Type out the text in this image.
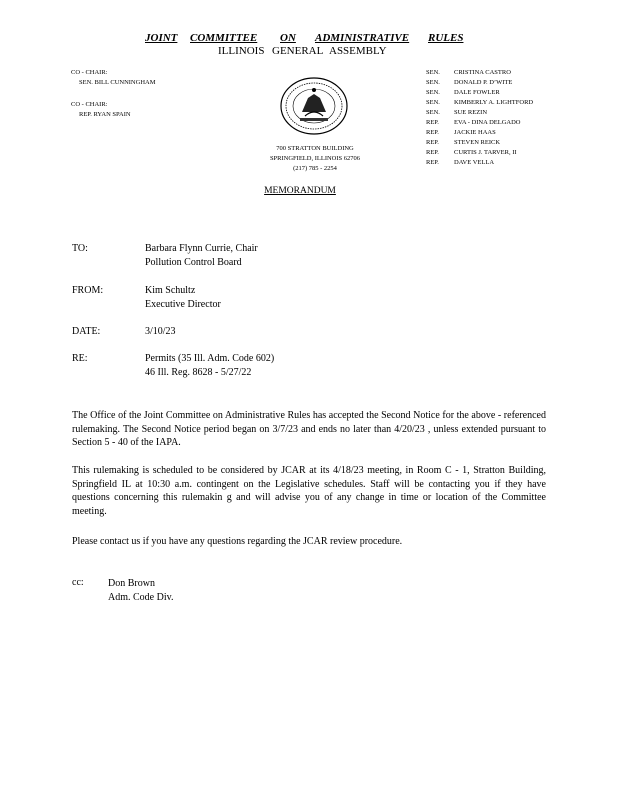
JOINT COMMITTEE ON ADMINISTRATIVE RULES
ILLINOIS GENERAL ASSEMBLY
CO - CHAIR:
SEN. BILL CUNNINGHAM
CO - CHAIR:
REP. RYAN SPAIN
SEN.	CRISTINA CASTRO
SEN.	DONALD P. D’WITE
SEN.	DALE FOWLER
SEN.	KIMBERLY A. LIGHTFORD
SEN.	SUE REZIN
REP.	EVA - DINA DELGADO
REP.	JACKIE HAAS
REP.	STEVEN REICK
REP.	CURTIS J. TARVER, II
REP.	DAVE VELLA
700 STRATTON BUILDING
SPRINGFIELD, ILLINOIS 62706
(217) 785 - 2254
MEMORANDUM
TO:	Barbara Flynn Currie, Chair
Pollution Control Board
FROM:	Kim Schultz
Executive Director
DATE:	3/10/23
RE:	Permits (35 Ill. Adm. Code 602)
46 Ill. Reg. 8628 - 5/27/22
The Office of the Joint Committee on Administrative Rules has accepted the Second Notice for the above - referenced rulemaking. The Second Notice period began on 3/7/23 and ends no later than 4/20/23 , unless extended pursuant to Section 5 - 40 of the IAPA.
This rulemaking is scheduled to be considered by JCAR at its 4/18/23 meeting, in Room C - 1, Stratton Building, Springfield IL at 10:30 a.m. contingent on the Legislative schedules. Staff will be contacting you if they have questions concerning this rulemakin g and will advise you of any change in time or location of the Committee meeting.
Please contact us if you have any questions regarding the JCAR review procedure.
cc: Don Brown
Adm. Code Div.
